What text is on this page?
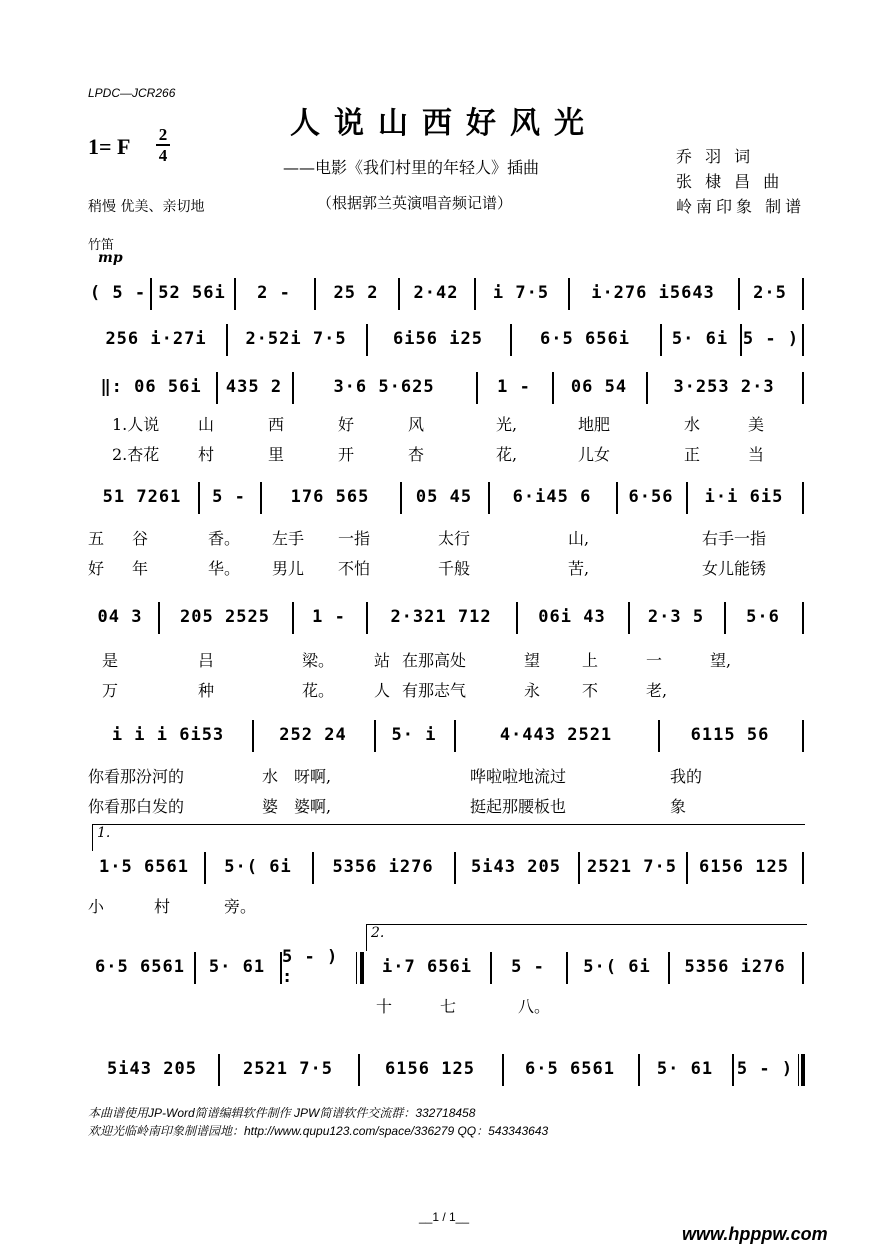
LPDC—JCR266
人说山西好风光
1= F	2
4
——电影《我们村里的年轻人》插曲
（根据郭兰英演唱音频记谱）
乔 羽 词
张 棣 昌 曲
岭南印象 制谱
稍慢 优美、亲切地
竹笛
mp
( 5 - 52 56i	2 -	25 2	2·42	i 7·5	i·276 i5643	2·5
256 i·27i	2·52i 7·5	6i56 i25	6·5 656i	5· 6i 5 - )
‖: 06 56i	435 2	3·6 5·625	1 -	06 54	3·253 2·3
1.人说 山	西	好	风	光,	地肥	水	美
2.杏花 村	里	开	杏	花,	儿女	正	当
51 7261	5 -	176 565	05 45	6·i45 6	6·56	i·i 6i5
五 谷	香。 左手 一指	太行	山,	右手一指
好 年	华。 男儿 不怕	千般	苦,	女儿能锈
04 3	205 2525	1 -	2·321 712	06i 43	2·3 5	5·6
是	吕	梁。 站 在那高处	望	上	一	望,
万	种	花。 人 有那志气	永	不	老,
i i i 6i53	252 24	5· i	4·443 2521	6115 56
你看那汾河的	水 呀啊,	哗啦啦地流过	我的
你看那白发的	婆 婆啊,	挺起那腰板也	象
1.
1·5 6561	5·( 6i	5356 i276	5i43 205	2521 7·5	6156 125
小	村	旁。
2.
6·5 6561	5· 61 5 - ) :	i·7 656i	5 -	5·( 6i	5356 i276
十	七	八。
5i43 205	2521 7·5	6156 125	6·5 6561	5· 61	5 - )
本曲谱使用JP-Word简谱编辑软件制作 JPW简谱软件交流群：332718458
欢迎光临岭南印象制谱园地：http://www.qupu123.com/space/336279 QQ：543343643
__1 / 1__
www.hpppw.com
